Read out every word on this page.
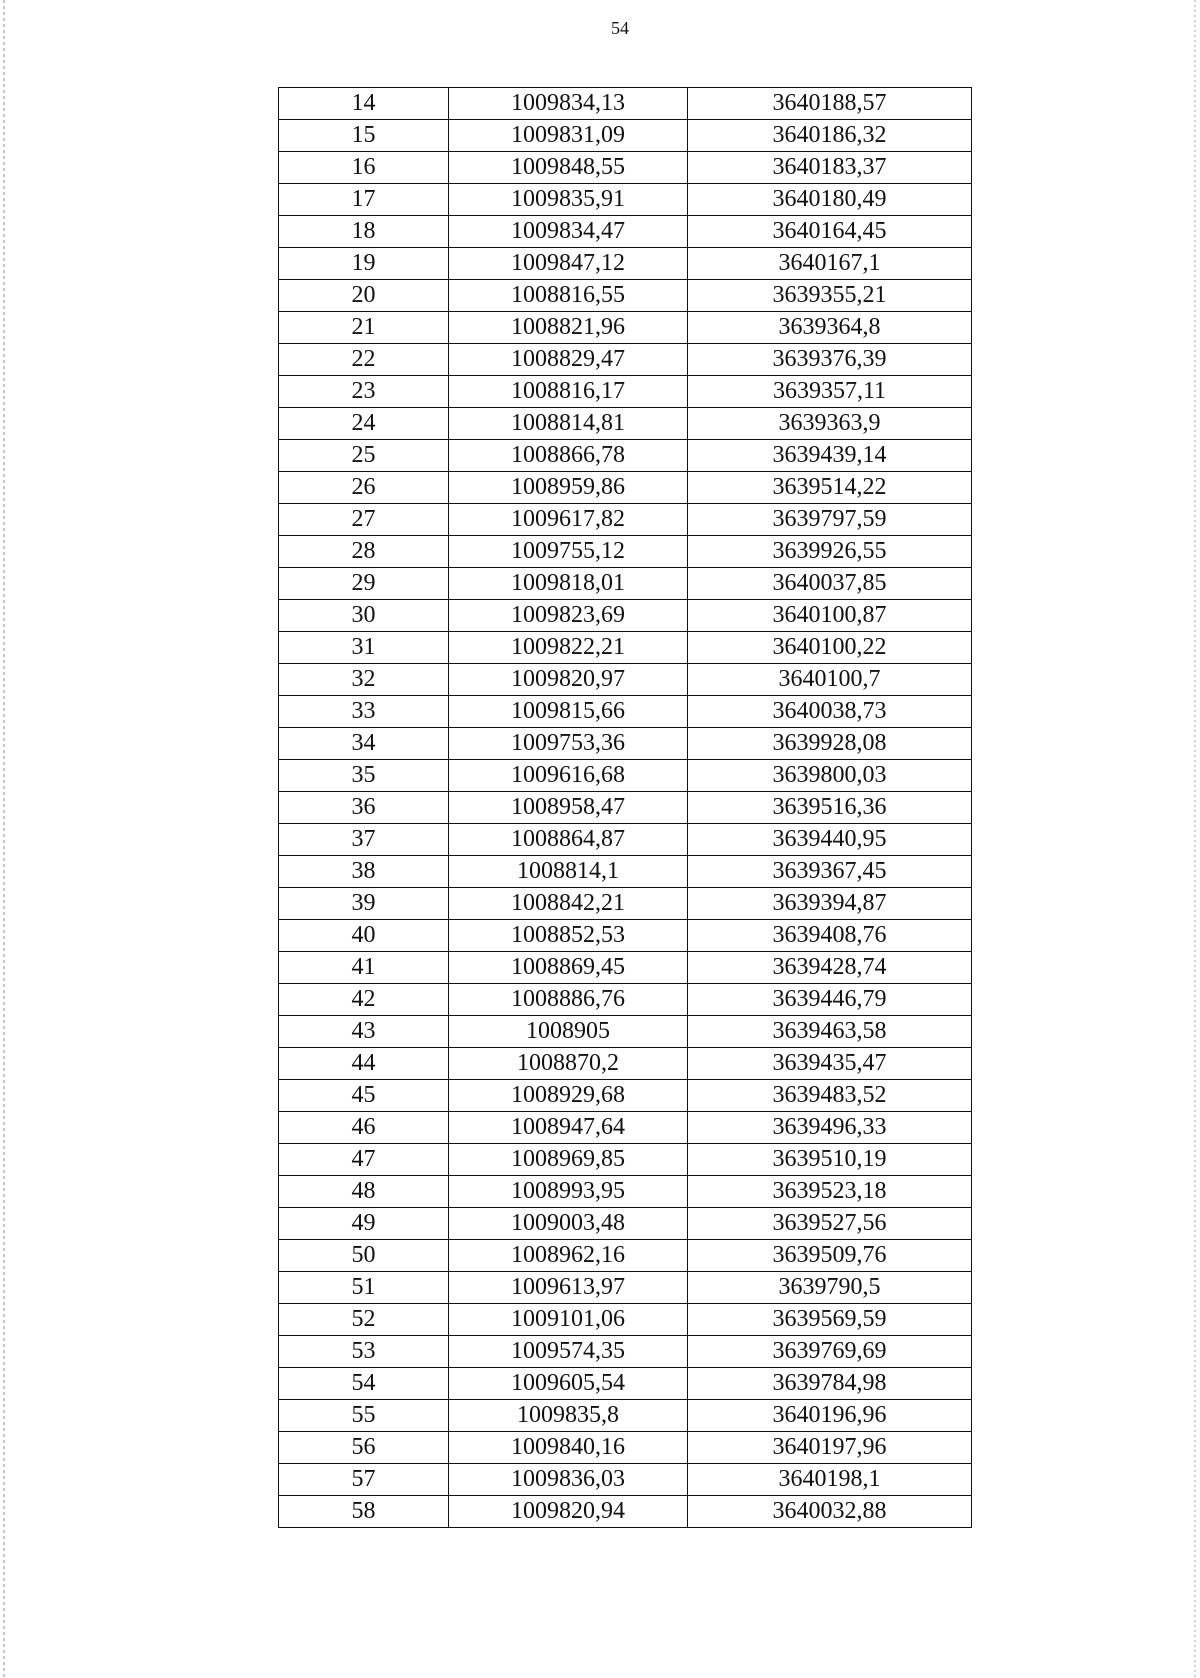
54
14	1009834,13	3640188,57
15	1009831,09	3640186,32
16	1009848,55	3640183,37
17	1009835,91	3640180,49
18	1009834,47	3640164,45
19	1009847,12	3640167,1
20	1008816,55	3639355,21
21	1008821,96	3639364,8
22	1008829,47	3639376,39
23	1008816,17	3639357,11
24	1008814,81	3639363,9
25	1008866,78	3639439,14
26	1008959,86	3639514,22
27	1009617,82	3639797,59
28	1009755,12	3639926,55
29	1009818,01	3640037,85
30	1009823,69	3640100,87
31	1009822,21	3640100,22
32	1009820,97	3640100,7
33	1009815,66	3640038,73
34	1009753,36	3639928,08
35	1009616,68	3639800,03
36	1008958,47	3639516,36
37	1008864,87	3639440,95
38	1008814,1	3639367,45
39	1008842,21	3639394,87
40	1008852,53	3639408,76
41	1008869,45	3639428,74
42	1008886,76	3639446,79
43	1008905	3639463,58
44	1008870,2	3639435,47
45	1008929,68	3639483,52
46	1008947,64	3639496,33
47	1008969,85	3639510,19
48	1008993,95	3639523,18
49	1009003,48	3639527,56
50	1008962,16	3639509,76
51	1009613,97	3639790,5
52	1009101,06	3639569,59
53	1009574,35	3639769,69
54	1009605,54	3639784,98
55	1009835,8	3640196,96
56	1009840,16	3640197,96
57	1009836,03	3640198,1
58	1009820,94	3640032,88
